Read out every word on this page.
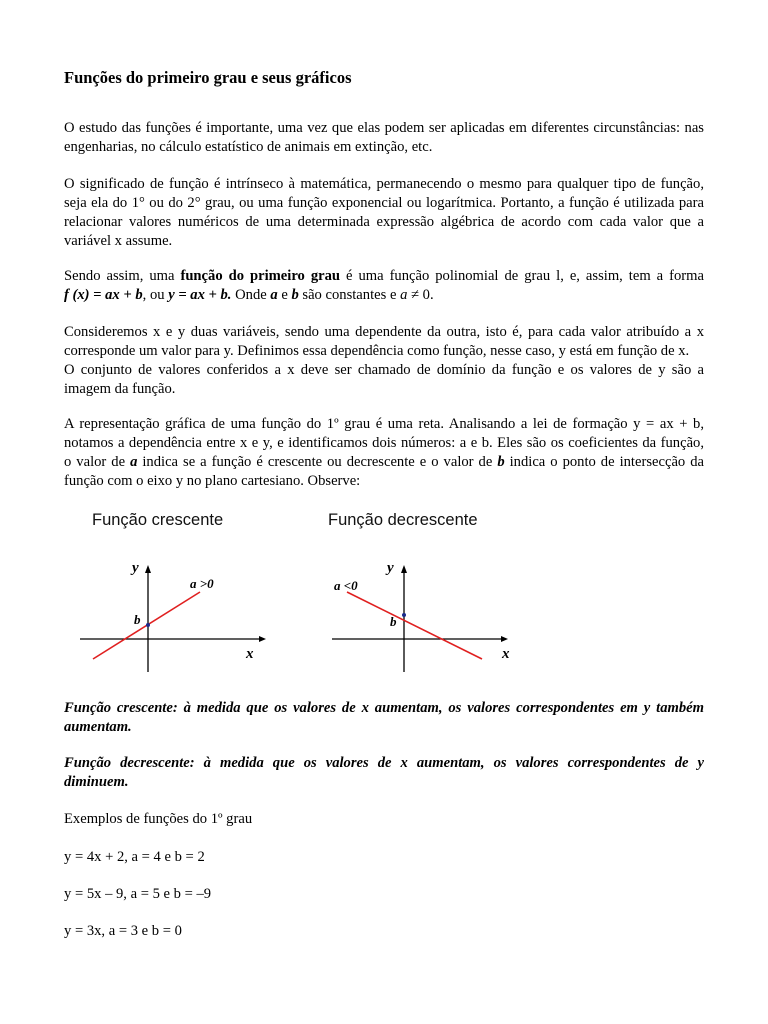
Funções do primeiro grau e seus gráficos
O estudo das funções é importante, uma vez que elas podem ser aplicadas em diferentes circunstâncias: nas
engenharias, no cálculo estatístico de animais em extinção, etc.
O significado de função é intrínseco à matemática, permanecendo o mesmo para qualquer tipo de função,
seja ela do 1° ou do 2° grau, ou uma função exponencial ou logarítmica. Portanto, a função é utilizada para
relacionar valores numéricos de uma determinada expressão algébrica de acordo com cada valor que a
variável x assume.
Sendo assim, uma função do primeiro grau é uma função polinomial de grau l, e, assim, tem a forma
f (x) = ax + b, ou y = ax + b. Onde a e b são constantes e a ≠ 0.
Consideremos x e y duas variáveis, sendo uma dependente da outra, isto é, para cada valor atribuído a x
corresponde um valor para y. Definimos essa dependência como função, nesse caso, y está em função de x.
O conjunto de valores conferidos a x deve ser chamado de domínio da função e os valores de y são a
imagem da função.
A representação gráfica de uma função do 1º grau é uma reta. Analisando a lei de formação y = ax + b,
notamos a dependência entre x e y, e identificamos dois números: a e b. Eles são os coeficientes da função,
o valor de a indica se a função é crescente ou decrescente e o valor de b indica o ponto de intersecção da
função com o eixo y no plano cartesiano. Observe:
Função crescente	Função decrescente
y
x
b
a >0
y
x
b
a <0
Função crescente: à medida que os valores de x aumentam, os valores correspondentes em y também
aumentam.
Função decrescente: à medida que os valores de x aumentam, os valores correspondentes de y
diminuem.
Exemplos de funções do 1º grau
y = 4x + 2, a = 4 e b = 2
y = 5x – 9, a = 5 e b = –9
y = 3x, a = 3 e b = 0
